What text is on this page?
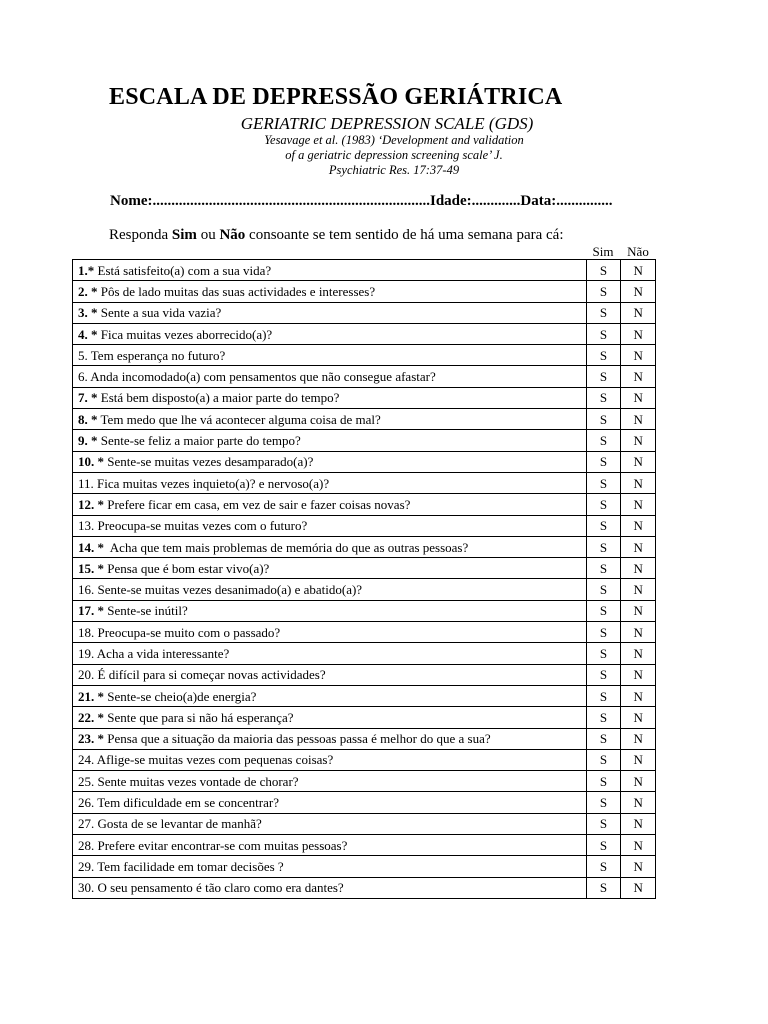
ESCALA DE DEPRESSÃO GERIÁTRICA
GERIATRIC DEPRESSION SCALE (GDS)
Yesavage et al. (1983) ‘Development and validation
of a geriatric depression screening scale’ J.
Psychiatric Res. 17:37-49
Nome:..........................................................................Idade:.............Data:...............
Responda Sim ou Não consoante se tem sentido de há uma semana para cá:
Sim	Não
1.* Está satisfeito(a) com a sua vida?	S	N
2. * Pôs de lado muitas das suas actividades e interesses?	S	N
3. * Sente a sua vida vazia?	S	N
4. * Fica muitas vezes aborrecido(a)?	S	N
5. Tem esperança no futuro?	S	N
6. Anda incomodado(a) com pensamentos que não consegue afastar?	S	N
7. * Está bem disposto(a) a maior parte do tempo?	S	N
8. * Tem medo que lhe vá acontecer alguma coisa de mal?	S	N
9. * Sente-se feliz a maior parte do tempo?	S	N
10. * Sente-se muitas vezes desamparado(a)?	S	N
11. Fica muitas vezes inquieto(a)? e nervoso(a)?	S	N
12. * Prefere ficar em casa, em vez de sair e fazer coisas novas?	S	N
13. Preocupa-se muitas vezes com o futuro?	S	N
14. *  Acha que tem mais problemas de memória do que as outras pessoas?	S	N
15. * Pensa que é bom estar vivo(a)?	S	N
16. Sente-se muitas vezes desanimado(a) e abatido(a)?	S	N
17. * Sente-se inútil?	S	N
18. Preocupa-se muito com o passado?	S	N
19. Acha a vida interessante?	S	N
20. É difícil para si começar novas actividades?	S	N
21. * Sente-se cheio(a)de energia?	S	N
22. * Sente que para si não há esperança?	S	N
23. * Pensa que a situação da maioria das pessoas passa é melhor do que a sua?	S	N
24. Aflige-se muitas vezes com pequenas coisas?	S	N
25. Sente muitas vezes vontade de chorar?	S	N
26. Tem dificuldade em se concentrar?	S	N
27. Gosta de se levantar de manhã?	S	N
28. Prefere evitar encontrar-se com muitas pessoas?	S	N
29. Tem facilidade em tomar decisões ?	S	N
30. O seu pensamento é tão claro como era dantes?	S	N
